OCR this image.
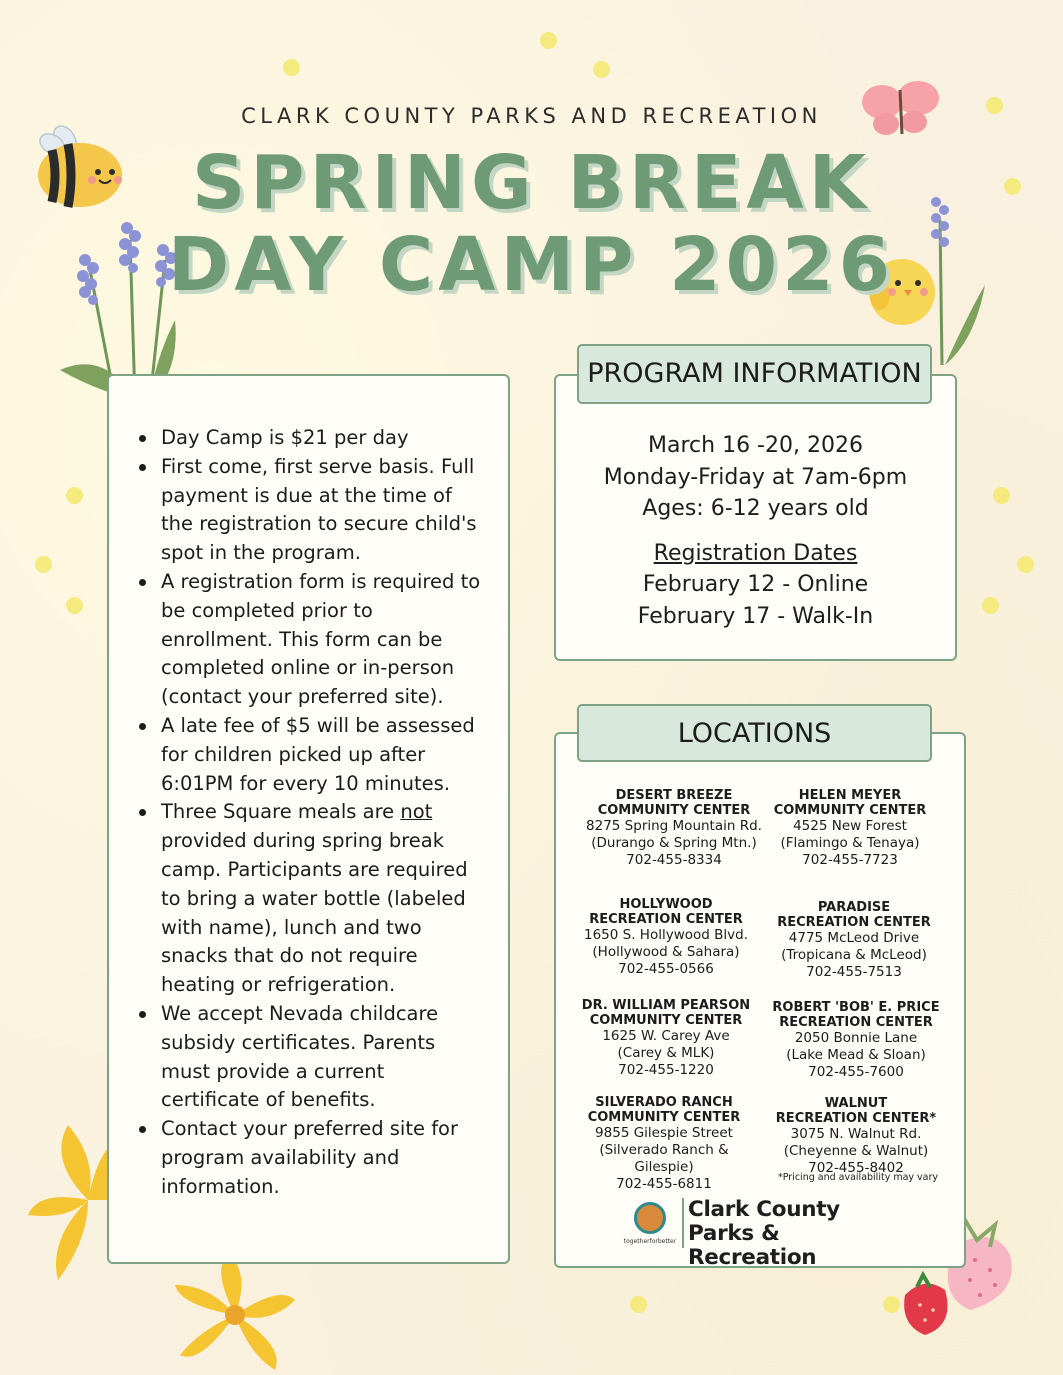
CLARK COUNTY PARKS AND RECREATION
SPRING BREAK
DAY CAMP 2026
Day Camp is $21 per day
First come, first serve basis. Full payment is due at the time of the registration to secure child's spot in the program.
A registration form is required to be completed prior to enrollment. This form can be completed online or in-person (contact your preferred site).
A late fee of $5 will be assessed for children picked up after 6:01PM for every 10 minutes.
Three Square meals are not provided during spring break camp. Participants are required to bring a water bottle (labeled with name), lunch and two snacks that do not require heating or refrigeration.
We accept Nevada childcare subsidy certificates. Parents must provide a current certificate of benefits.
Contact your preferred site for program availability and information.
March 16 -20, 2026
Monday-Friday at 7am-6pm
Ages: 6-12 years old
Registration Dates
February 12 - Online
February 17 - Walk-In
PROGRAM INFORMATION
LOCATIONS
DESERT BREEZE
COMMUNITY CENTER
8275 Spring Mountain Rd.
(Durango & Spring Mtn.)
702-455-8334
HELEN MEYER
COMMUNITY CENTER
4525 New Forest
(Flamingo & Tenaya)
702-455-7723
HOLLYWOOD
RECREATION CENTER
1650 S. Hollywood Blvd.
(Hollywood & Sahara)
702-455-0566
PARADISE
RECREATION CENTER
4775 McLeod Drive
(Tropicana & McLeod)
702-455-7513
DR. WILLIAM PEARSON
COMMUNITY CENTER
1625 W. Carey Ave
(Carey & MLK)
702-455-1220
ROBERT 'BOB' E. PRICE
RECREATION CENTER
2050 Bonnie Lane
(Lake Mead & Sloan)
702-455-7600
SILVERADO RANCH
COMMUNITY CENTER
9855 Gilespie Street
(Silverado Ranch & Gilespie)
702-455-6811
WALNUT
RECREATION CENTER*
3075 N. Walnut Rd.
(Cheyenne & Walnut)
702-455-8402
*Pricing and availability may vary
togetherforbetter
Clark County
Parks & Recreation
